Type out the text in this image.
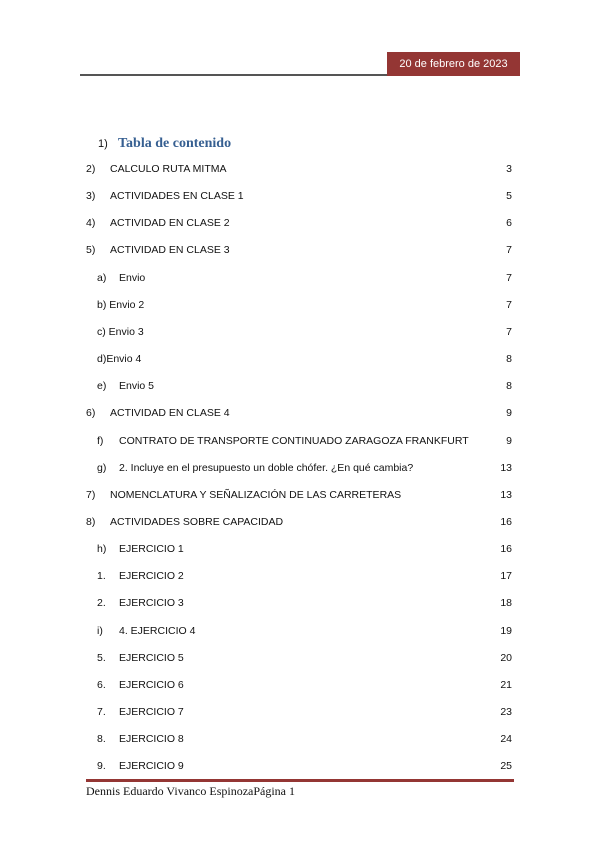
20 de febrero de 2023
1) Tabla de contenido
2) CALCULO RUTA MITMA	3
3) ACTIVIDADES EN CLASE 1	5
4) ACTIVIDAD EN CLASE 2	6
5) ACTIVIDAD EN CLASE 3	7
a) Envio	7
b) Envio 2	7
c) Envio 3	7
d)Envio 4	8
e) Envio 5	8
6) ACTIVIDAD EN CLASE 4	9
f) CONTRATO DE TRANSPORTE CONTINUADO ZARAGOZA FRANKFURT	9
g) 2. Incluye en el presupuesto un doble chófer. ¿En qué cambia?	13
7) NOMENCLATURA Y SEÑALIZACIÓN DE LAS CARRETERAS	13
8) ACTIVIDADES SOBRE CAPACIDAD	16
h) EJERCICIO 1	16
1. EJERCICIO 2	17
2. EJERCICIO 3	18
i) 4. EJERCICIO 4	19
5. EJERCICIO 5	20
6. EJERCICIO 6	21
7. EJERCICIO 7	23
8. EJERCICIO 8	24
9. EJERCICIO 9	25
Dennis Eduardo Vivanco EspinozaPágina 1
